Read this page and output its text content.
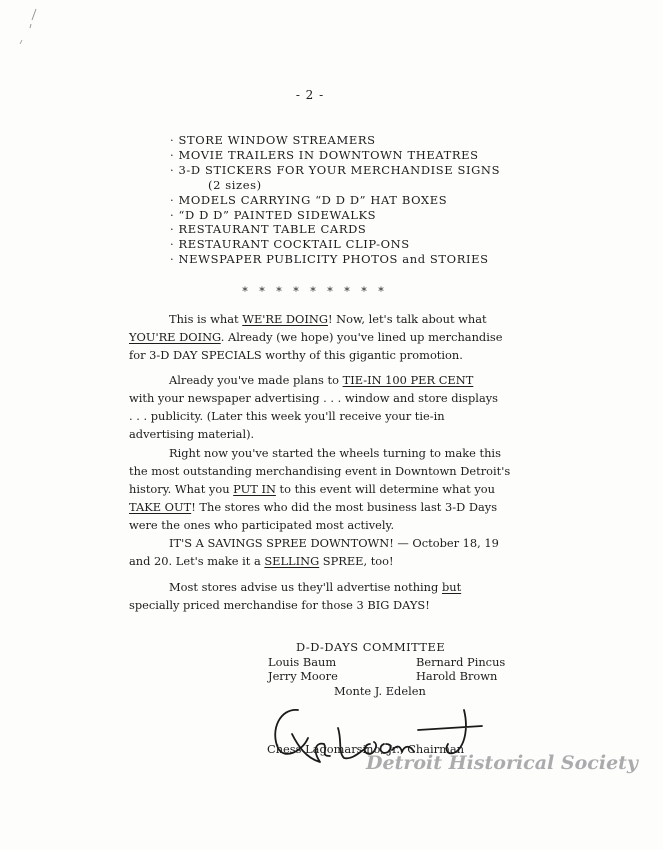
- 2 -
· STORE WINDOW STREAMERS
· MOVIE TRAILERS IN DOWNTOWN THEATRES
· 3-D STICKERS FOR YOUR MERCHANDISE SIGNS
(2 sizes)
· MODELS CARRYING “D D D” HAT BOXES
· “D D D” PAINTED SIDEWALKS
· RESTAURANT TABLE CARDS
· RESTAURANT COCKTAIL CLIP-ONS
· NEWSPAPER PUBLICITY PHOTOS and STORIES
* * * * * * * * *

This is what WE'RE DOING! Now, let's talk about what

YOU'RE DOING. Already (we hope) you've lined up merchandise

for 3-D DAY SPECIALS worthy of this gigantic promotion.

Already you've made plans to TIE-IN 100 PER CENT

with your newspaper advertising . . . window and store displays

. . . publicity. (Later this week you'll receive your tie-in

advertising material).

Right now you've started the wheels turning to make this

the most outstanding merchandising event in Downtown Detroit's

history. What you PUT IN to this event will determine what you

TAKE OUT! The stores who did the most business last 3-D Days

were the ones who participated most actively.

IT'S A SAVINGS SPREE DOWNTOWN! — October 18, 19

and 20. Let's make it a SELLING SPREE, too!

Most stores advise us they'll advertise nothing but

specially priced merchandise for those 3 BIG DAYS!

D-D-DAYS COMMITTEE
Louis Baum	Bernard Pincus
Jerry Moore	Harold Brown
Monte J. Edelen
Chess Lagomarsino, Jr., Chairman
Detroit Historical Society
